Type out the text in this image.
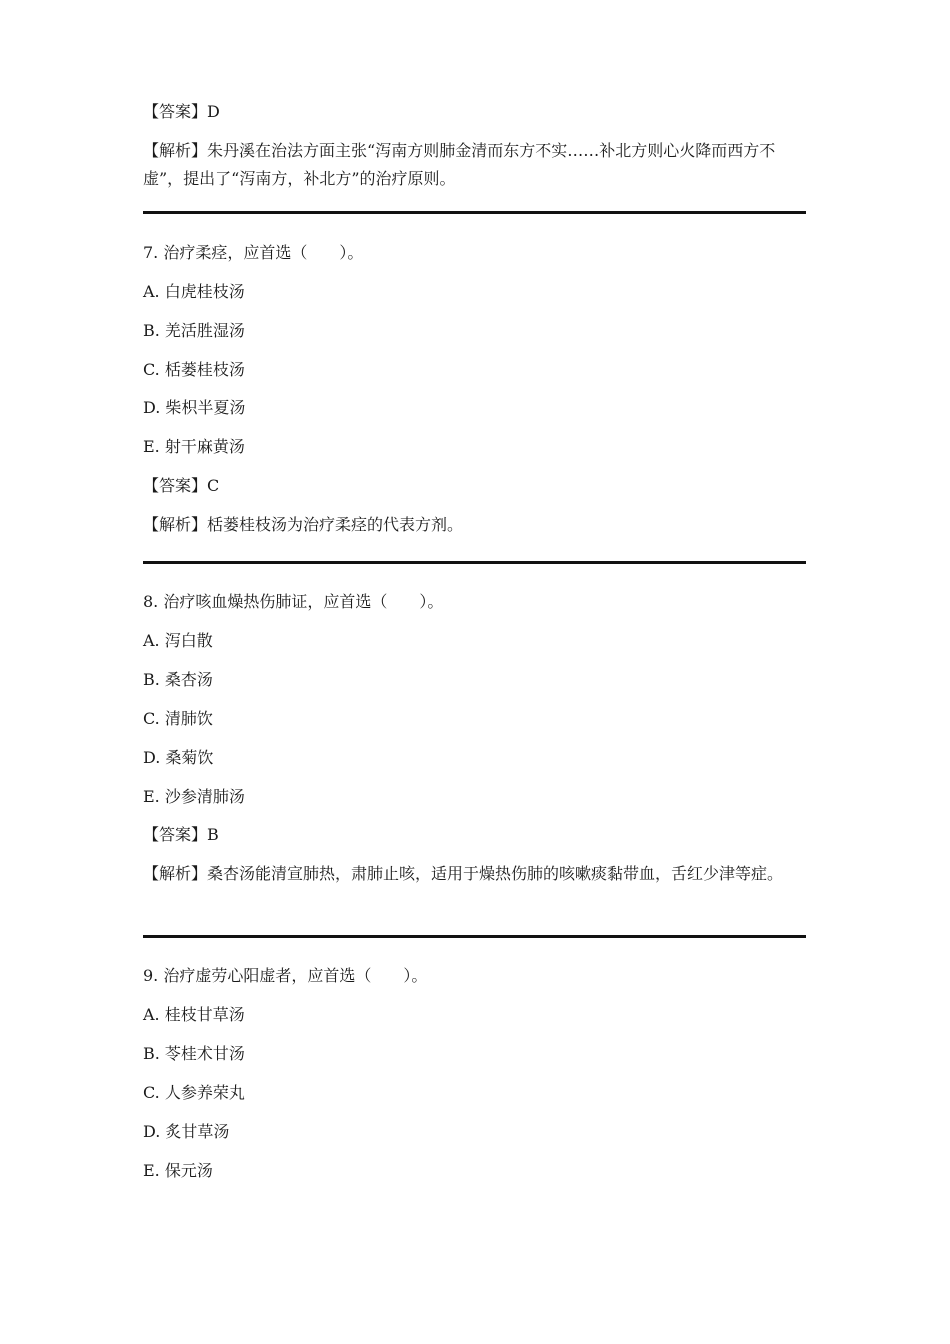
【答案】D
【解析】朱丹溪在治法方面主张“泻南方则肺金清而东方不实……补北方则心火降而西方不虚”，提出了“泻南方，补北方”的治疗原则。
7. 治疗柔痉，应首选（　　）。
A. 白虎桂枝汤
B. 羌活胜湿汤
C. 栝蒌桂枝汤
D. 柴枳半夏汤
E. 射干麻黄汤
【答案】C
【解析】栝蒌桂枝汤为治疗柔痉的代表方剂。
8. 治疗咳血燥热伤肺证，应首选（　　）。
A. 泻白散
B. 桑杏汤
C. 清肺饮
D. 桑菊饮
E. 沙参清肺汤
【答案】B
【解析】桑杏汤能清宣肺热，肃肺止咳，适用于燥热伤肺的咳嗽痰黏带血，舌红少津等症。
9. 治疗虚劳心阳虚者，应首选（　　）。
A. 桂枝甘草汤
B. 苓桂术甘汤
C. 人参养荣丸
D. 炙甘草汤
E. 保元汤
